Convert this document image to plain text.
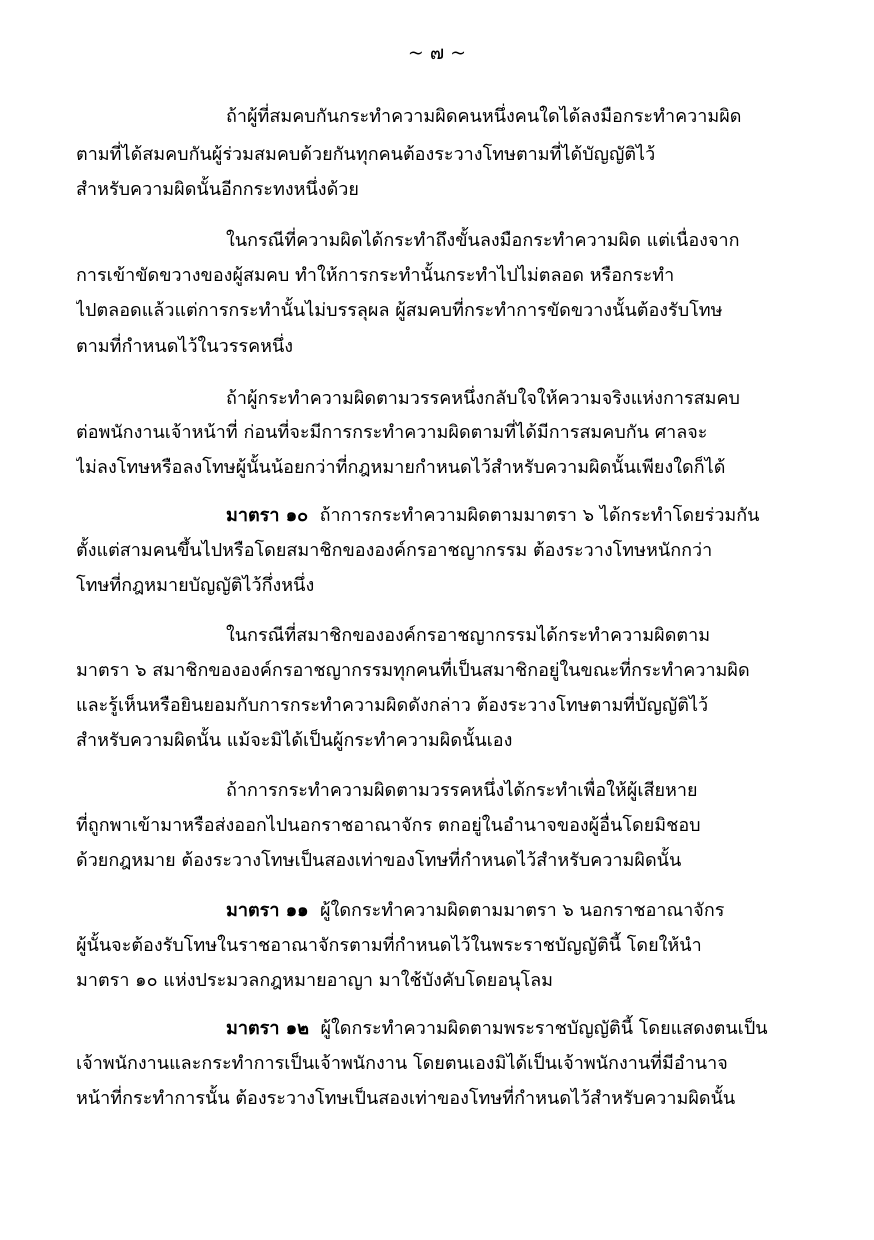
~ ๗ ~
ถ้าผู้ที่สมคบกันกระทำความผิดคนหนึ่งคนใดได้ลงมือกระทำความผิด
ตามที่ได้สมคบกันผู้ร่วมสมคบด้วยกันทุกคนต้องระวางโทษตามที่ได้บัญญัติไว้
สำหรับความผิดนั้นอีกกระทงหนึ่งด้วย
ในกรณีที่ความผิดได้กระทำถึงขั้นลงมือกระทำความผิด แต่เนื่องจาก
การเข้าขัดขวางของผู้สมคบ ทำให้การกระทำนั้นกระทำไปไม่ตลอด หรือกระทำ
ไปตลอดแล้วแต่การกระทำนั้นไม่บรรลุผล ผู้สมคบที่กระทำการขัดขวางนั้นต้องรับโทษ
ตามที่กำหนดไว้ในวรรคหนึ่ง
ถ้าผู้กระทำความผิดตามวรรคหนึ่งกลับใจให้ความจริงแห่งการสมคบ
ต่อพนักงานเจ้าหน้าที่ ก่อนที่จะมีการกระทำความผิดตามที่ได้มีการสมคบกัน ศาลจะ
ไม่ลงโทษหรือลงโทษผู้นั้นน้อยกว่าที่กฎหมายกำหนดไว้สำหรับความผิดนั้นเพียงใดก็ได้
มาตรา ๑๐ ถ้าการกระทำความผิดตามมาตรา ๖ ได้กระทำโดยร่วมกัน
ตั้งแต่สามคนขึ้นไปหรือโดยสมาชิกขององค์กรอาชญากรรม ต้องระวางโทษหนักกว่า
โทษที่กฎหมายบัญญัติไว้กึ่งหนึ่ง
ในกรณีที่สมาชิกขององค์กรอาชญากรรมได้กระทำความผิดตาม
มาตรา ๖ สมาชิกขององค์กรอาชญากรรมทุกคนที่เป็นสมาชิกอยู่ในขณะที่กระทำความผิด
และรู้เห็นหรือยินยอมกับการกระทำความผิดดังกล่าว ต้องระวางโทษตามที่บัญญัติไว้
สำหรับความผิดนั้น แม้จะมิได้เป็นผู้กระทำความผิดนั้นเอง
ถ้าการกระทำความผิดตามวรรคหนึ่งได้กระทำเพื่อให้ผู้เสียหาย
ที่ถูกพาเข้ามาหรือส่งออกไปนอกราชอาณาจักร ตกอยู่ในอำนาจของผู้อื่นโดยมิชอบ
ด้วยกฎหมาย ต้องระวางโทษเป็นสองเท่าของโทษที่กำหนดไว้สำหรับความผิดนั้น
มาตรา ๑๑ ผู้ใดกระทำความผิดตามมาตรา ๖ นอกราชอาณาจักร
ผู้นั้นจะต้องรับโทษในราชอาณาจักรตามที่กำหนดไว้ในพระราชบัญญัตินี้ โดยให้นำ
มาตรา ๑๐ แห่งประมวลกฎหมายอาญา มาใช้บังคับโดยอนุโลม
มาตรา ๑๒ ผู้ใดกระทำความผิดตามพระราชบัญญัตินี้ โดยแสดงตนเป็น
เจ้าพนักงานและกระทำการเป็นเจ้าพนักงาน โดยตนเองมิได้เป็นเจ้าพนักงานที่มีอำนาจ
หน้าที่กระทำการนั้น ต้องระวางโทษเป็นสองเท่าของโทษที่กำหนดไว้สำหรับความผิดนั้น
